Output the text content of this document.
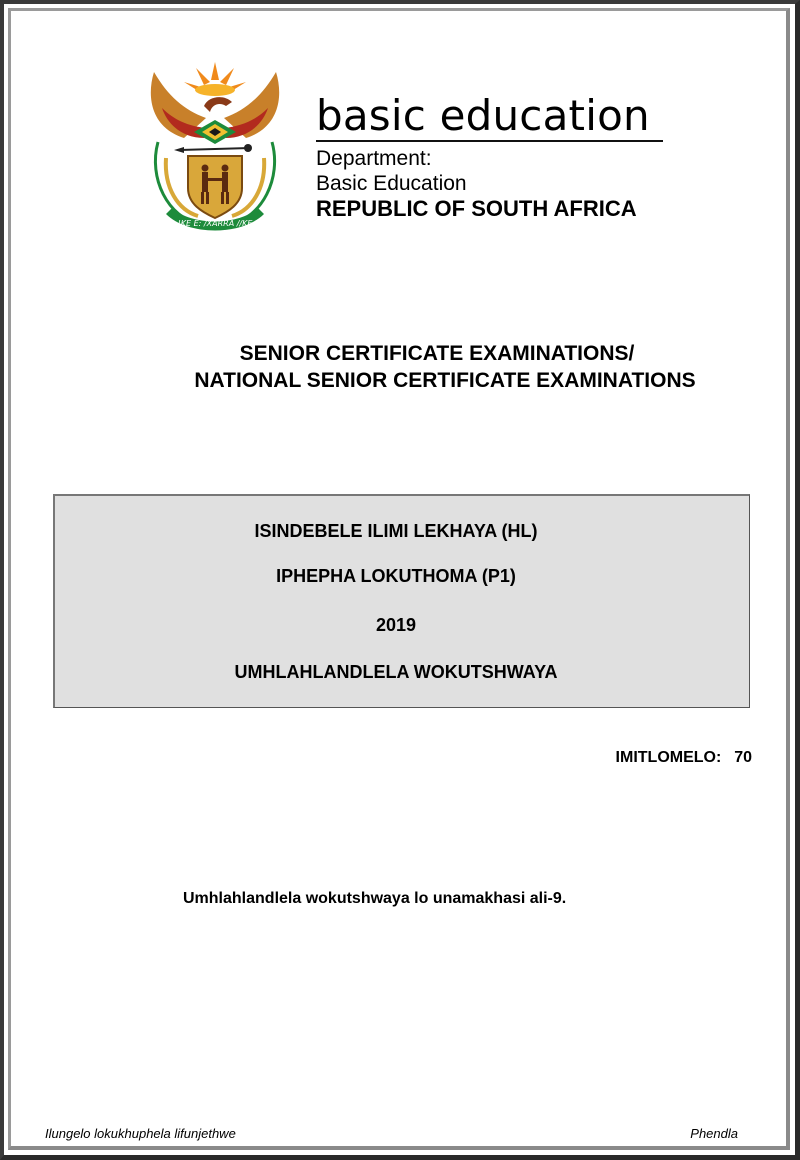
!KE E: /XARRA //KE
basic education
Department:
Basic Education
REPUBLIC OF SOUTH AFRICA
SENIOR CERTIFICATE EXAMINATIONS/
NATIONAL SENIOR CERTIFICATE EXAMINATIONS
ISINDEBELE ILIMI LEKHAYA (HL)
IPHEPHA LOKUTHOMA (P1)
2019
UMHLAHLANDLELA WOKUTSHWAYA
IMITLOMELO:  70
Umhlahlandlela wokutshwaya lo unamakhasi ali-9.
Ilungelo lokukhuphela lifunjethwe	Phendla
